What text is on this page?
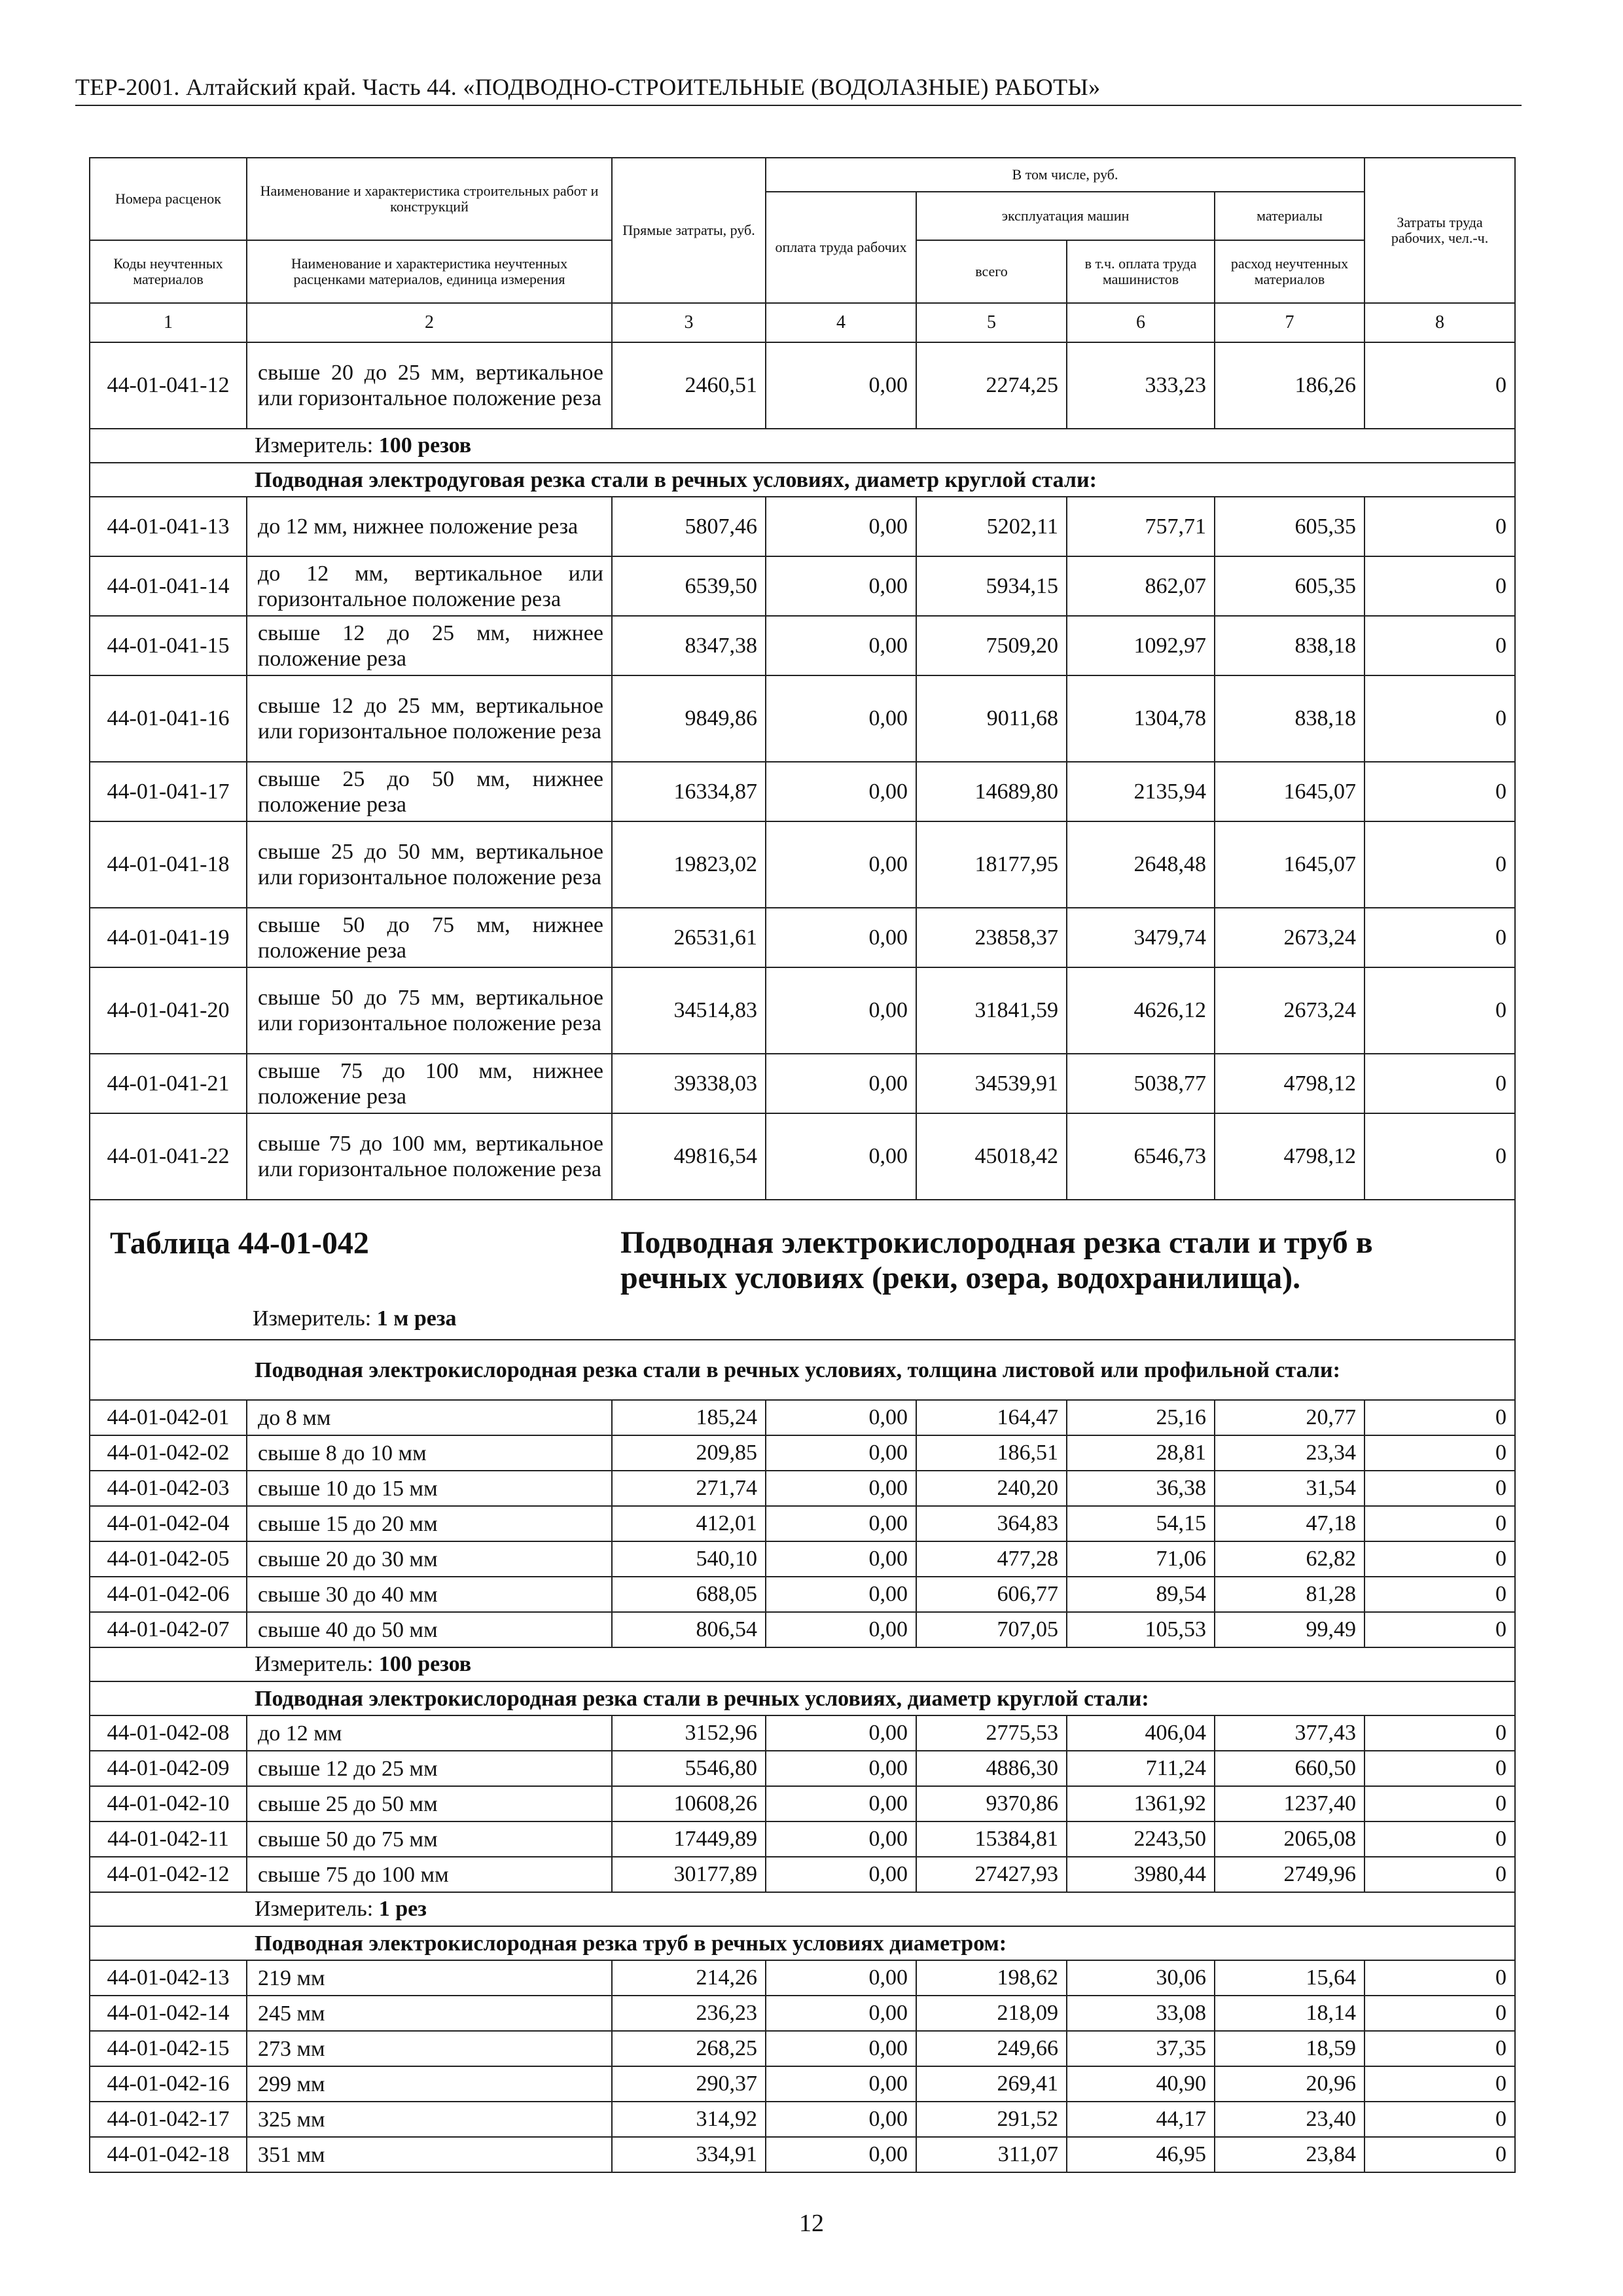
ТЕР-2001. Алтайский край. Часть 44. «ПОДВОДНО-СТРОИТЕЛЬНЫЕ (ВОДОЛАЗНЫЕ) РАБОТЫ»
Номера расценок	Наименование и характеристика строительных работ и конструкций	Прямые затраты, руб.	В том числе, руб.				Затраты труда рабочих, чел.-ч.
			оплата труда рабочих	эксплуатация машин		материалы	
Коды неучтенных материалов	Наименование и характеристика неучтенных расценками материалов, единица измерения			всего	в т.ч. оплата труда машинистов	расход неучтенных материалов	
1	2	3	4	5	6	7	8
44-01-041-12	свыше 20 до 25 мм, вертикальное или горизонтальное положение реза	2460,51	0,00	2274,25	333,23	186,26	0
	Измеритель: 100 резов						
	Подводная электродуговая резка стали в речных условиях, диаметр круглой стали:						
44-01-041-13	до 12 мм, нижнее положение реза	5807,46	0,00	5202,11	757,71	605,35	0
44-01-041-14	до 12 мм, вертикальное или горизонтальное положение реза	6539,50	0,00	5934,15	862,07	605,35	0
44-01-041-15	свыше 12 до 25 мм, нижнее положение реза	8347,38	0,00	7509,20	1092,97	838,18	0
44-01-041-16	свыше 12 до 25 мм, вертикальное или горизонтальное положение реза	9849,86	0,00	9011,68	1304,78	838,18	0
44-01-041-17	свыше 25 до 50 мм, нижнее положение реза	16334,87	0,00	14689,80	2135,94	1645,07	0
44-01-041-18	свыше 25 до 50 мм, вертикальное или горизонтальное положение реза	19823,02	0,00	18177,95	2648,48	1645,07	0
44-01-041-19	свыше 50 до 75 мм, нижнее положение реза	26531,61	0,00	23858,37	3479,74	2673,24	0
44-01-041-20	свыше 50 до 75 мм, вертикальное или горизонтальное положение реза	34514,83	0,00	31841,59	4626,12	2673,24	0
44-01-041-21	свыше 75 до 100 мм, нижнее положение реза	39338,03	0,00	34539,91	5038,77	4798,12	0
44-01-041-22	свыше 75 до 100 мм, вертикальное или горизонтальное положение реза	49816,54	0,00	45018,42	6546,73	4798,12	0

Таблица 44-01-042 Подводная электрокислородная резка стали и труб в речных условиях (реки, озера, водохранилища).
Измеритель: 1 м реза							

	Подводная электрокислородная резка стали в речных условиях, толщина листовой или профильной стали:						
44-01-042-01	до 8 мм	185,24	0,00	164,47	25,16	20,77	0
44-01-042-02	свыше 8 до 10 мм	209,85	0,00	186,51	28,81	23,34	0
44-01-042-03	свыше 10 до 15 мм	271,74	0,00	240,20	36,38	31,54	0
44-01-042-04	свыше 15 до 20 мм	412,01	0,00	364,83	54,15	47,18	0
44-01-042-05	свыше 20 до 30 мм	540,10	0,00	477,28	71,06	62,82	0
44-01-042-06	свыше 30 до 40 мм	688,05	0,00	606,77	89,54	81,28	0
44-01-042-07	свыше 40 до 50 мм	806,54	0,00	707,05	105,53	99,49	0
	Измеритель: 100 резов						
	Подводная электрокислородная резка стали в речных условиях, диаметр круглой стали:						
44-01-042-08	до 12 мм	3152,96	0,00	2775,53	406,04	377,43	0
44-01-042-09	свыше 12 до 25 мм	5546,80	0,00	4886,30	711,24	660,50	0
44-01-042-10	свыше 25 до 50 мм	10608,26	0,00	9370,86	1361,92	1237,40	0
44-01-042-11	свыше 50 до 75 мм	17449,89	0,00	15384,81	2243,50	2065,08	0
44-01-042-12	свыше 75 до 100 мм	30177,89	0,00	27427,93	3980,44	2749,96	0
	Измеритель: 1 рез						
	Подводная электрокислородная резка труб в речных условиях диаметром:						
44-01-042-13	219 мм	214,26	0,00	198,62	30,06	15,64	0
44-01-042-14	245 мм	236,23	0,00	218,09	33,08	18,14	0
44-01-042-15	273 мм	268,25	0,00	249,66	37,35	18,59	0
44-01-042-16	299 мм	290,37	0,00	269,41	40,90	20,96	0
44-01-042-17	325 мм	314,92	0,00	291,52	44,17	23,40	0
44-01-042-18	351 мм	334,91	0,00	311,07	46,95	23,84	0
12
